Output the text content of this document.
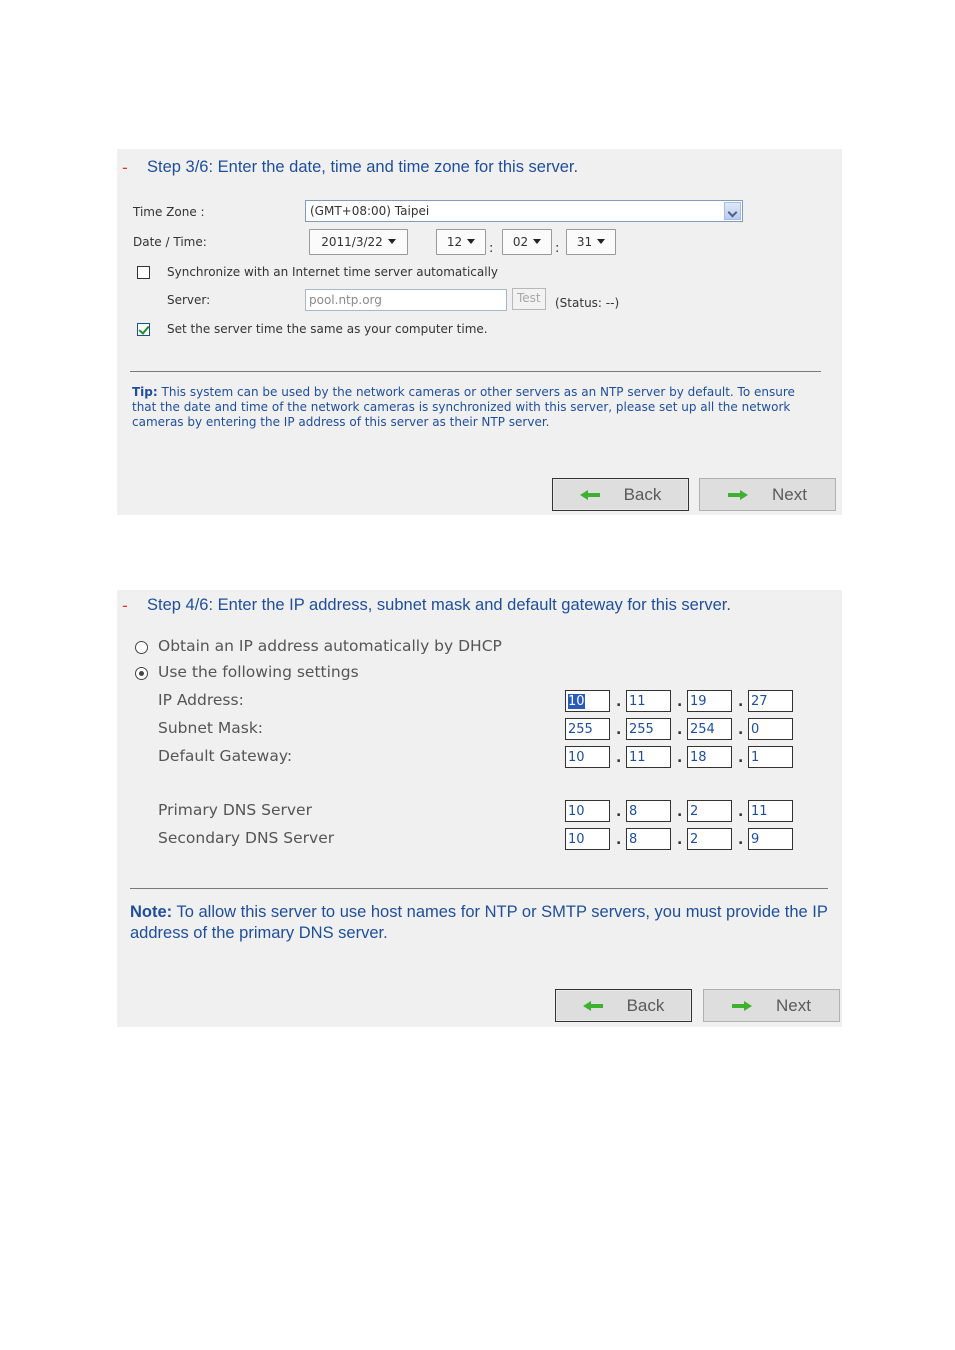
- Step 3/6: Enter the date, time and time zone for this server.
Time Zone :	(GMT+08:00) Taipei
Date / Time:	2011/3/22	12	:	02	:	31
Synchronize with an Internet time server automatically
Server:	pool.ntp.org	Test	(Status: --)
Set the server time the same as your computer time.
Tip: This system can be used by the network cameras or other servers as an NTP server by default. To ensure that the date and time of the network cameras is synchronized with this server, please set up all the network cameras by entering the IP address of this server as their NTP server.
Back	Next
- Step 4/6: Enter the IP address, subnet mask and default gateway for this server.
Obtain an IP address automatically by DHCP
Use the following settings
IP Address:	10	. 11	. 19	. 27
Subnet Mask:	255	. 255	. 254	. 0
Default Gateway:	10	. 11	. 18	. 1
Primary DNS Server	10	. 8	. 2	. 11
Secondary DNS Server	10	. 8	. 2	. 9
Note: To allow this server to use host names for NTP or SMTP servers, you must provide the IP address of the primary DNS server.
Back	Next
